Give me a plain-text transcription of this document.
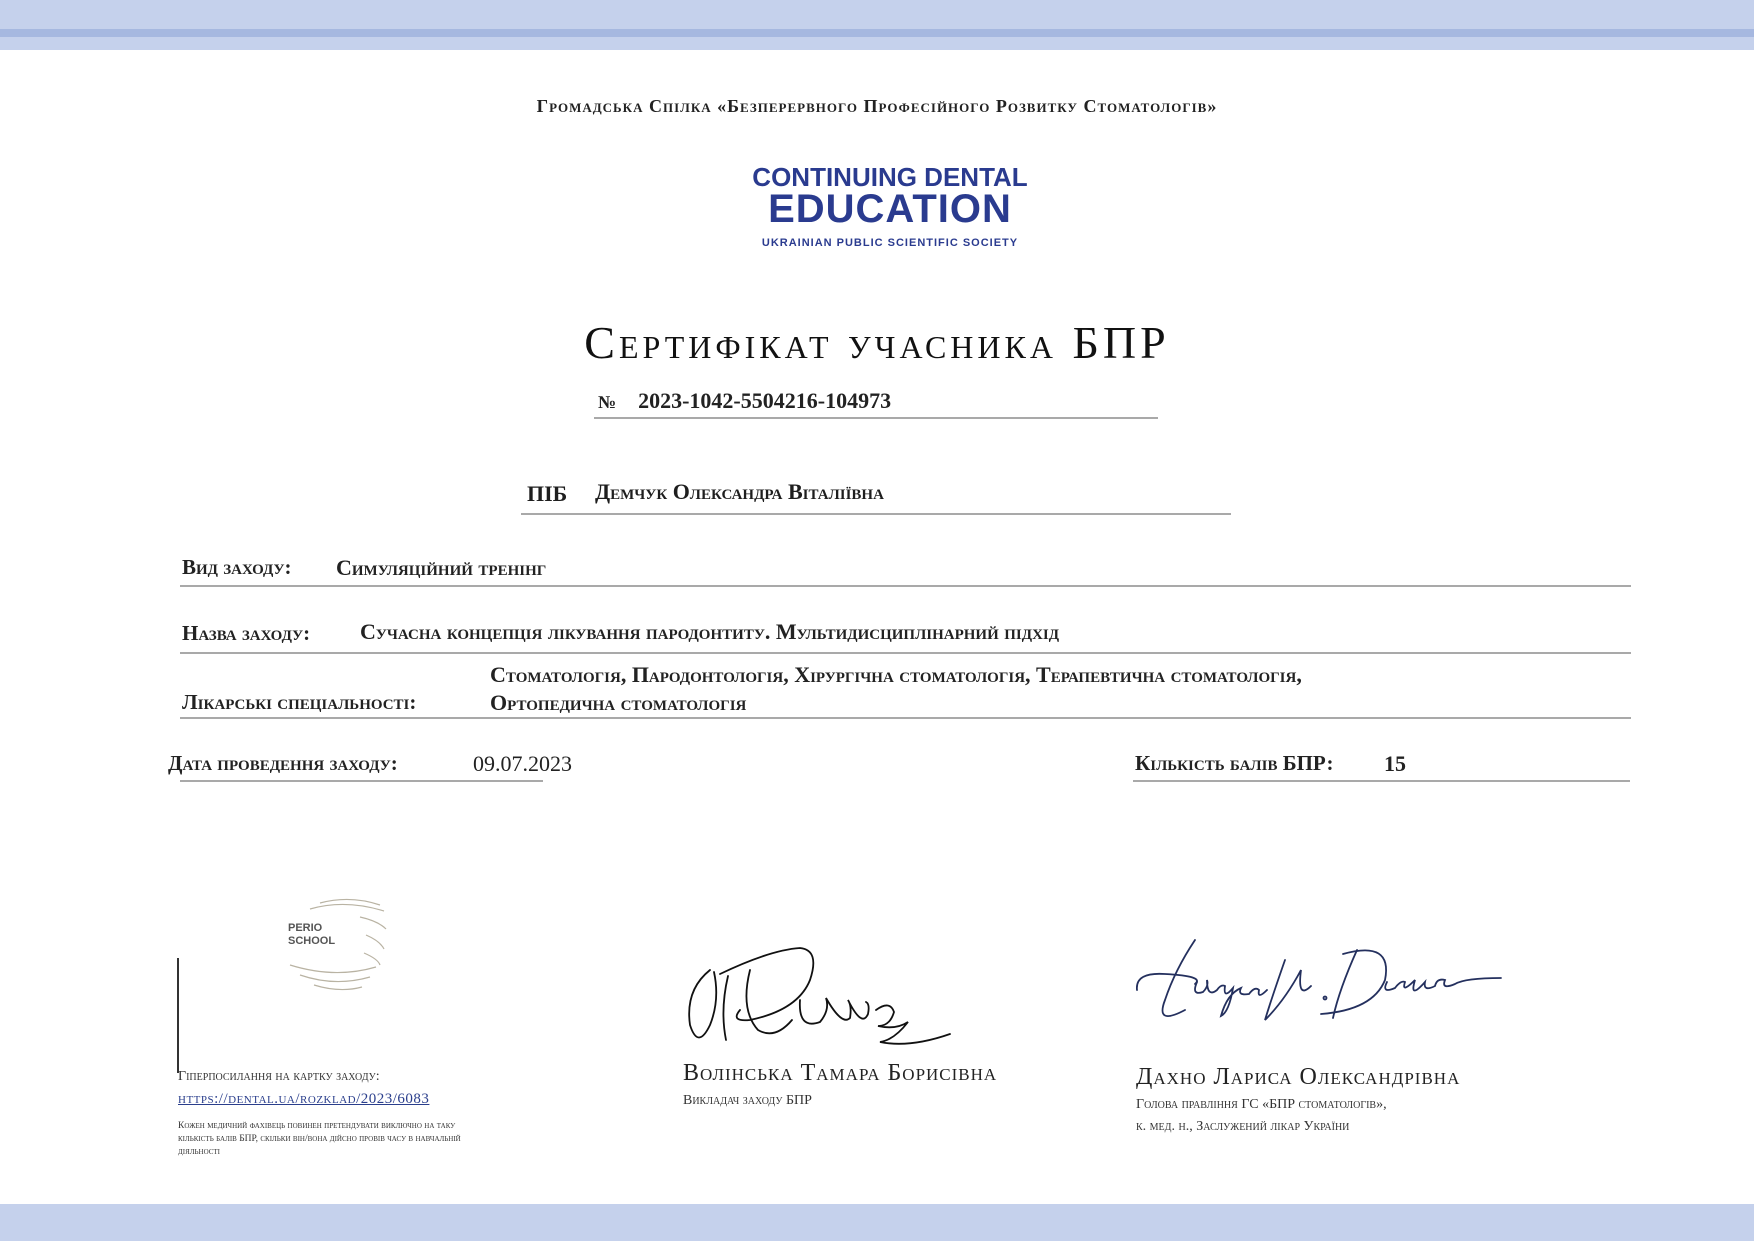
Громадська Спілка «Безперервного Професійного Розвитку Стоматологів»
CONTINUING DENTAL
EDUCATION
UKRAINIAN PUBLIC SCIENTIFIC SOCIETY
Сертифікат учасника БПР
№ 2023-1042-5504216-104973
ПІБ Демчук Олександра Віталіївна
Вид заходу: Симуляційний тренінг
Назва заходу: Сучасна концепція лікування пародонтиту. Мультидисциплінарний підхід
Лікарські спеціальності:
Стоматологія, Пародонтологія, Хірургічна стоматологія, Терапевтична стоматологія,
Ортопедична стоматологія
Дата проведення заходу:	09.07.2023	Кількість балів БПР: 15
PERIO
SCHOOL
Гіперпосилання на картку заходу:
https://dental.ua/rozklad/2023/6083
Кожен медичний фахівець повинен претендувати виключно на таку кількість балів БПР, скільки він/вона дійсно провів часу в навчальній діяльності
Волінська Тамара Борисівна
Викладач заходу БПР
Дахно Лариса Олександрівна
Голова правління ГС «БПР стоматологів»,
к. мед. н., Заслужений лікар України
